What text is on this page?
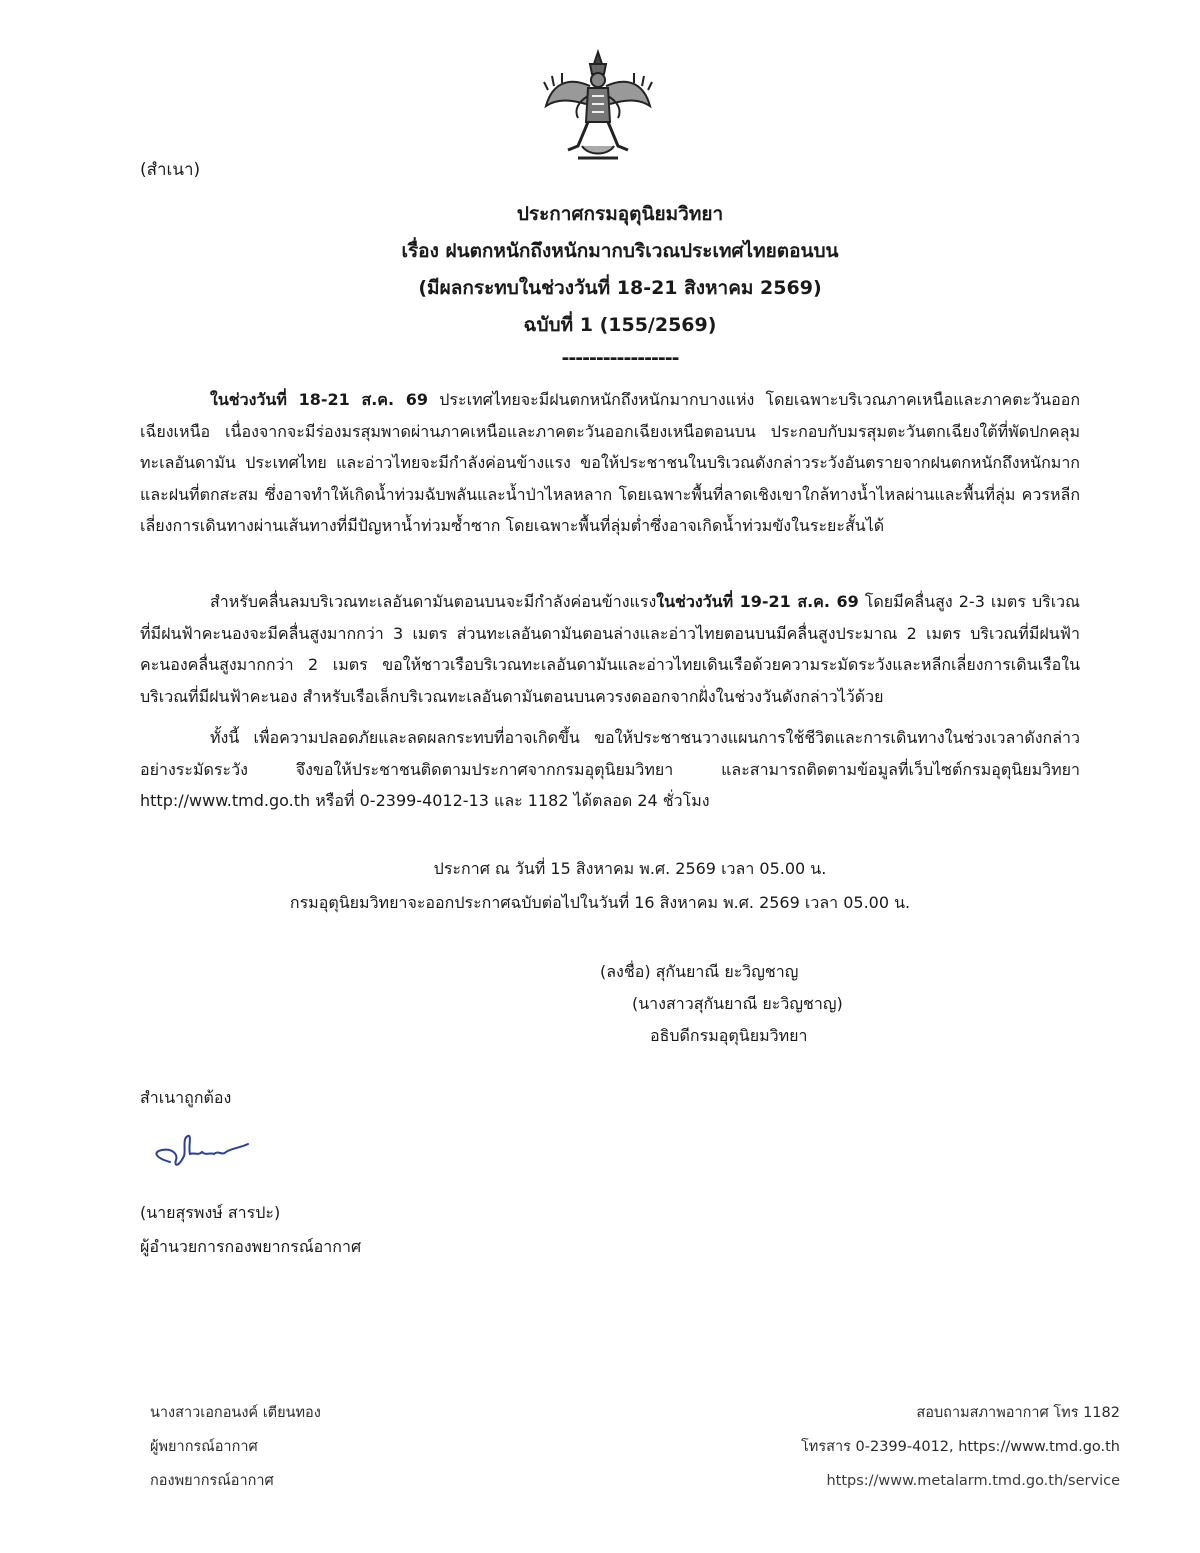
(สำเนา)
ประกาศกรมอุตุนิยมวิทยา
เรื่อง ฝนตกหนักถึงหนักมากบริเวณประเทศไทยตอนบน
(มีผลกระทบในช่วงวันที่ 18-21 สิงหาคม 2569)
ฉบับที่ 1 (155/2569)
-----------------

ในช่วงวันที่ 18-21 ส.ค. 69 ประเทศไทยจะมีฝนตกหนักถึงหนักมากบางแห่ง โดยเฉพาะบริเวณภาคเหนือและภาคตะวันออกเฉียงเหนือ เนื่องจากจะมีร่องมรสุมพาดผ่านภาคเหนือและภาคตะวันออกเฉียงเหนือตอนบน ประกอบกับมรสุมตะวันตกเฉียงใต้ที่พัดปกคลุมทะเลอันดามัน ประเทศไทย และอ่าวไทยจะมีกำลังค่อนข้างแรง ขอให้ประชาชนในบริเวณดังกล่าวระวังอันตรายจากฝนตกหนักถึงหนักมากและฝนที่ตกสะสม ซึ่งอาจทำให้เกิดน้ำท่วมฉับพลันและน้ำป่าไหลหลาก โดยเฉพาะพื้นที่ลาดเชิงเขาใกล้ทางน้ำไหลผ่านและพื้นที่ลุ่ม ควรหลีกเลี่ยงการเดินทางผ่านเส้นทางที่มีปัญหาน้ำท่วมซ้ำซาก โดยเฉพาะพื้นที่ลุ่มต่ำซึ่งอาจเกิดน้ำท่วมขังในระยะสั้นได้

สำหรับคลื่นลมบริเวณทะเลอันดามันตอนบนจะมีกำลังค่อนข้างแรงในช่วงวันที่ 19-21 ส.ค. 69 โดยมีคลื่นสูง 2-3 เมตร บริเวณที่มีฝนฟ้าคะนองจะมีคลื่นสูงมากกว่า 3 เมตร ส่วนทะเลอันดามันตอนล่างและอ่าวไทยตอนบนมีคลื่นสูงประมาณ 2 เมตร บริเวณที่มีฝนฟ้าคะนองคลื่นสูงมากกว่า 2 เมตร ขอให้ชาวเรือบริเวณทะเลอันดามันและอ่าวไทยเดินเรือด้วยความระมัดระวังและหลีกเลี่ยงการเดินเรือในบริเวณที่มีฝนฟ้าคะนอง สำหรับเรือเล็กบริเวณทะเลอันดามันตอนบนควรงดออกจากฝั่งในช่วงวันดังกล่าวไว้ด้วย

ทั้งนี้ เพื่อความปลอดภัยและลดผลกระทบที่อาจเกิดขึ้น ขอให้ประชาชนวางแผนการใช้ชีวิตและการเดินทางในช่วงเวลาดังกล่าวอย่างระมัดระวัง จึงขอให้ประชาชนติดตามประกาศจากกรมอุตุนิยมวิทยา และสามารถติดตามข้อมูลที่เว็บไซต์กรมอุตุนิยมวิทยา http://www.tmd.go.th หรือที่ 0-2399-4012-13 และ 1182 ได้ตลอด 24 ชั่วโมง

ประกาศ ณ วันที่ 15 สิงหาคม พ.ศ. 2569 เวลา 05.00 น.
กรมอุตุนิยมวิทยาจะออกประกาศฉบับต่อไปในวันที่ 16 สิงหาคม พ.ศ. 2569 เวลา 05.00 น.
(ลงชื่อ) สุกันยาณี ยะวิญชาญ
(นางสาวสุกันยาณี ยะวิญชาญ)
อธิบดีกรมอุตุนิยมวิทยา
สำเนาถูกต้อง
(นายสุรพงษ์ สารปะ)
ผู้อำนวยการกองพยากรณ์อากาศ
นางสาวเอกอนงค์ เตียนทอง
ผู้พยากรณ์อากาศ
กองพยากรณ์อากาศ
สอบถามสภาพอากาศ โทร 1182
โทรสาร 0-2399-4012, https://www.tmd.go.th
https://www.metalarm.tmd.go.th/service
